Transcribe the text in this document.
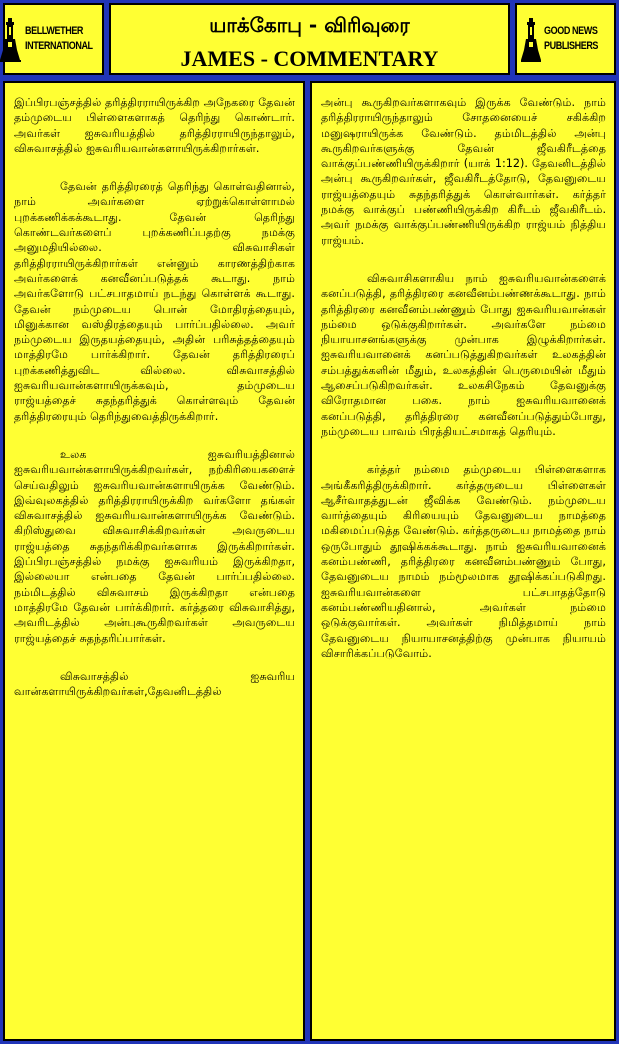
BELLWETHER
INTERNATIONAL
யாக்கோபு - விரிவுரை
JAMES - COMMENTARY
GOOD NEWS
PUBLISHERS

இப்பிரபஞ்சத்தில் தரித்திரராயிருக்கிற அநேகரை தேவன் தம்முடைய பிள்ளைகளாகத் தெரிந்து கொண்டார். அவர்கள் ஐசுவரியத்தில் தரித்திரராயிருந்தாலும், விசுவாசத்தில் ஐசுவரியவான்களாயிருக்கிறார்கள்.

தேவன் தரித்திரரைத் தெரிந்து கொள்வதினால், நாம் அவர்களை ஏற்றுக்கொள்ளாமல் புறக்கணிக்கக்கூடாது. தேவன் தெரிந்து கொண்டவர்களைப் புறக்கணிப்பதற்கு நமக்கு அனுமதியில்லை. விசுவாசிகள் தரித்திரராயிருக்கிறார்கள் என்னும் காரணத்திற்காக அவர்களைக் கனவீனப்படுத்தக் கூடாது. நாம் அவர்களோடு பட்சபாதமாய் நடந்து கொள்ளக் கூடாது. தேவன் நம்முடைய பொன் மோதிரத்தையும், மினுக்கான வஸ்திரத்தையும் பார்ப்பதில்லை. அவர் நம்முடைய இருதயத்தையும், அதின் பரிசுத்தத்தையும் மாத்திரமே பார்க்கிறார். தேவன் தரித்திரரைப் புறக்கணித்துவிட வில்லை. விசுவாசத்தில் ஐசுவரியவான்களாயிருக்கவும், தம்முடைய ராஜ்யத்தைச் சுதந்தரித்துக் கொள்ளவும் தேவன் தரித்திரரையும் தெரிந்துவைத்திருக்கிறார்.

உலக ஐசுவரியத்தினால் ஐசுவரியவான்களாயிருக்கிறவர்கள், நற்கிரியைகளைச் செய்வதிலும் ஐசுவரியவான்களாயிருக்க வேண்டும். இவ்வுலகத்தில் தரித்திரராயிருக்கிற வர்களோ தங்கள் விசுவாசத்தில் ஐசுவரியவான்களாயிருக்க வேண்டும். கிறிஸ்துவை விசுவாசிக்கிறவர்கள் அவருடைய ராஜ்யத்தை சுதந்தரிக்கிறவர்களாக இருக்கிறார்கள். இப்பிரபஞ்சத்தில் நமக்கு ஐசுவரியம் இருக்கிறதா, இல்லையா என்பதை தேவன் பார்ப்பதில்லை. நம்மிடத்தில் விசுவாசம் இருக்கிறதா என்பதை மாத்திரமே தேவன் பார்க்கிறார். கர்த்தரை விசுவாசித்து, அவரிடத்தில் அன்புகூருகிறவர்கள் அவருடைய ராஜ்யத்தைச் சுதந்தரிப்பார்கள்.

விசுவாசத்தில் ஐசுவரிய வான்களாயிருக்கிறவர்கள்,தேவனிடத்தில்

அன்பு கூருகிறவர்களாகவும் இருக்க வேண்டும். நாம் தரித்திரராயிருந்தாலும் சோதனையைச் சகிக்கிற மனுஷராயிருக்க வேண்டும். தம்மிடத்தில் அன்பு கூருகிறவர்களுக்கு தேவன் ஜீவகிரீடத்தை வாக்குப்பண்ணியிருக்கிறார் (யாக் 1:12). தேவனிடத்தில் அன்பு கூருகிறவர்கள், ஜீவகிரீடத்தோடு, தேவனுடைய ராஜ்யத்தையும் சுதந்தரித்துக் கொள்வார்கள். கர்த்தர் நமக்கு வாக்குப் பண்ணியிருக்கிற கிரீடம் ஜீவகிரீடம். அவர் நமக்கு வாக்குப்பண்ணியிருக்கிற ராஜ்யம் நித்திய ராஜ்யம்.

விசுவாசிகளாகிய நாம் ஐசுவரியவான்களைக் கனப்படுத்தி, தரித்திரரை கனவீனம்பண்ணக்கூடாது. நாம் தரித்திரரை கனவீனம்பண்ணும் போது ஐசுவரியவான்கள் நம்மை ஒடுக்குகிறார்கள். அவர்களே நம்மை நியாயாசனங்களுக்கு முன்பாக இழுக்கிறார்கள். ஐசுவரியவானைக் கனப்படுத்துகிறவர்கள் உலகத்தின் சம்பத்துக்களின் மீதும், உலகத்தின் பெருமையின் மீதும் ஆசைப்படுகிறவர்கள். உலகசிநேகம் தேவனுக்கு விரோதமான பகை. நாம் ஐசுவரியவானைக் கனப்படுத்தி, தரித்திரரை கனவீனப்படுத்தும்போது, நம்முடைய பாவம் பிரத்தியட்சமாகத் தெரியும்.

கர்த்தர் நம்மை தம்முடைய பிள்ளைகளாக அங்கீகரித்திருக்கிறார். கர்த்தருடைய பிள்ளைகள் ஆசீர்வாதத்துடன் ஜீவிக்க வேண்டும். நம்முடைய வார்த்தையும் கிரியையும் தேவனுடைய நாமத்தை மகிமைப்படுத்த வேண்டும். கர்த்தருடைய நாமத்தை நாம் ஒருபோதும் தூஷிக்கக்கூடாது. நாம் ஐசுவரியவானைக் கனம்பண்ணி, தரித்திரரை கனவீனம்பண்ணும் போது, தேவனுடைய நாமம் நம்மூலமாக தூஷிக்கப்படுகிறது. ஐசுவரியவான்களை பட்சபாதத்தோடு கனம்பண்ணியதினால், அவர்கள் நம்மை ஒடுக்குவார்கள். அவர்கள் நிமித்தமாய் நாம் தேவனுடைய நியாயாசனத்திற்கு முன்பாக நியாயம் விசாரிக்கப்படுவோம்.
